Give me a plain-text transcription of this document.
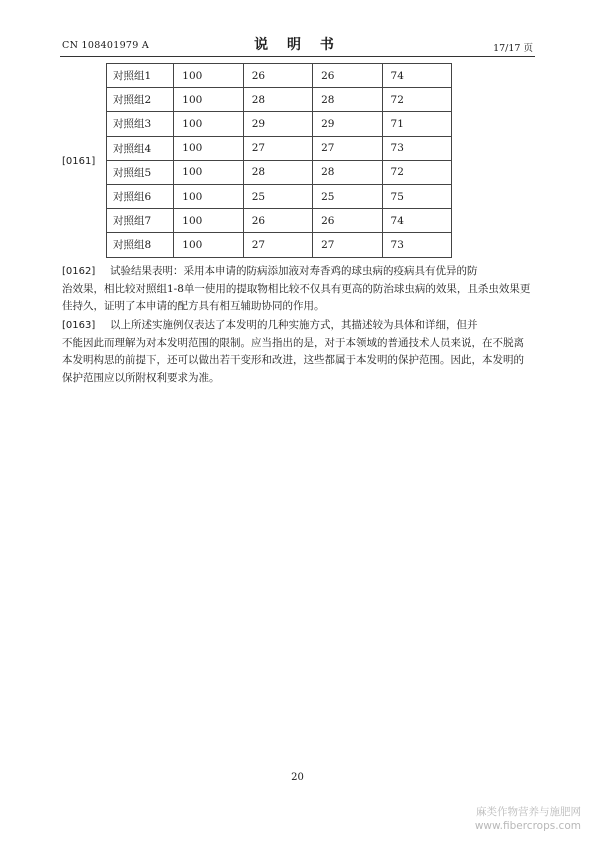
CN 108401979 A	说 明 书	17/17 页
[0161]
对照组1	100	26	26	74
对照组2	100	28	28	72
对照组3	100	29	29	71
对照组4	100	27	27	73
对照组5	100	28	28	72
对照组6	100	25	25	75
对照组7	100	26	26	74
对照组8	100	27	27	73
[0162] 试验结果表明：采用本申请的防病添加液对寿香鸡的球虫病的疫病具有优异的防
治效果，相比较对照组1-8单一使用的提取物相比较不仅具有更高的防治球虫病的效果，且杀虫效果更佳持久，证明了本申请的配方具有相互辅助协同的作用。
[0163] 以上所述实施例仅表达了本发明的几种实施方式，其描述较为具体和详细，但并
不能因此而理解为对本发明范围的限制。应当指出的是，对于本领域的普通技术人员来说，在不脱离本发明构思的前提下，还可以做出若干变形和改进，这些都属于本发明的保护范围。因此，本发明的保护范围应以所附权利要求为准。
20
麻类作物营养与施肥网
www.fibercrops.com
